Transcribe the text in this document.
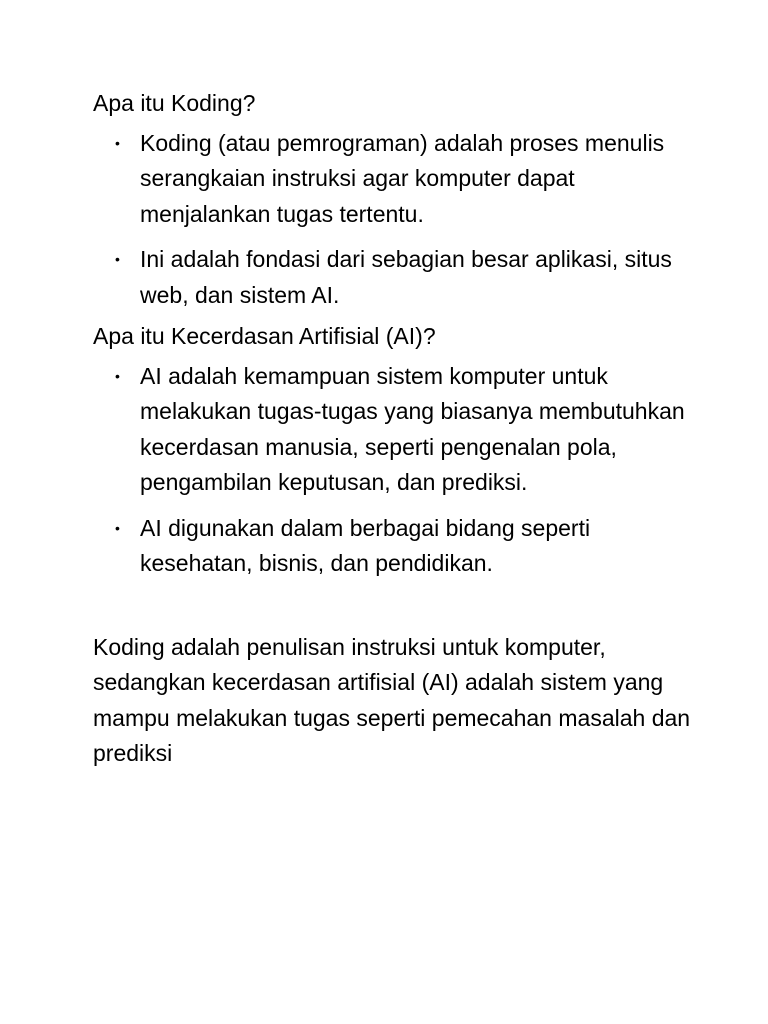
Apa itu Koding?

• Koding (atau pemrograman) adalah proses menulis serangkaian instruksi agar komputer dapat menjalankan tugas tertentu.
• Ini adalah fondasi dari sebagian besar aplikasi, situs web, dan sistem AI.

Apa itu Kecerdasan Artifisial (AI)?

• AI adalah kemampuan sistem komputer untuk melakukan tugas-tugas yang biasanya membutuhkan kecerdasan manusia, seperti pengenalan pola, pengambilan keputusan, dan prediksi.
• AI digunakan dalam berbagai bidang seperti kesehatan, bisnis, dan pendidikan.

Koding adalah penulisan instruksi untuk komputer, sedangkan kecerdasan artifisial (AI) adalah sistem yang mampu melakukan tugas seperti pemecahan masalah dan prediksi
